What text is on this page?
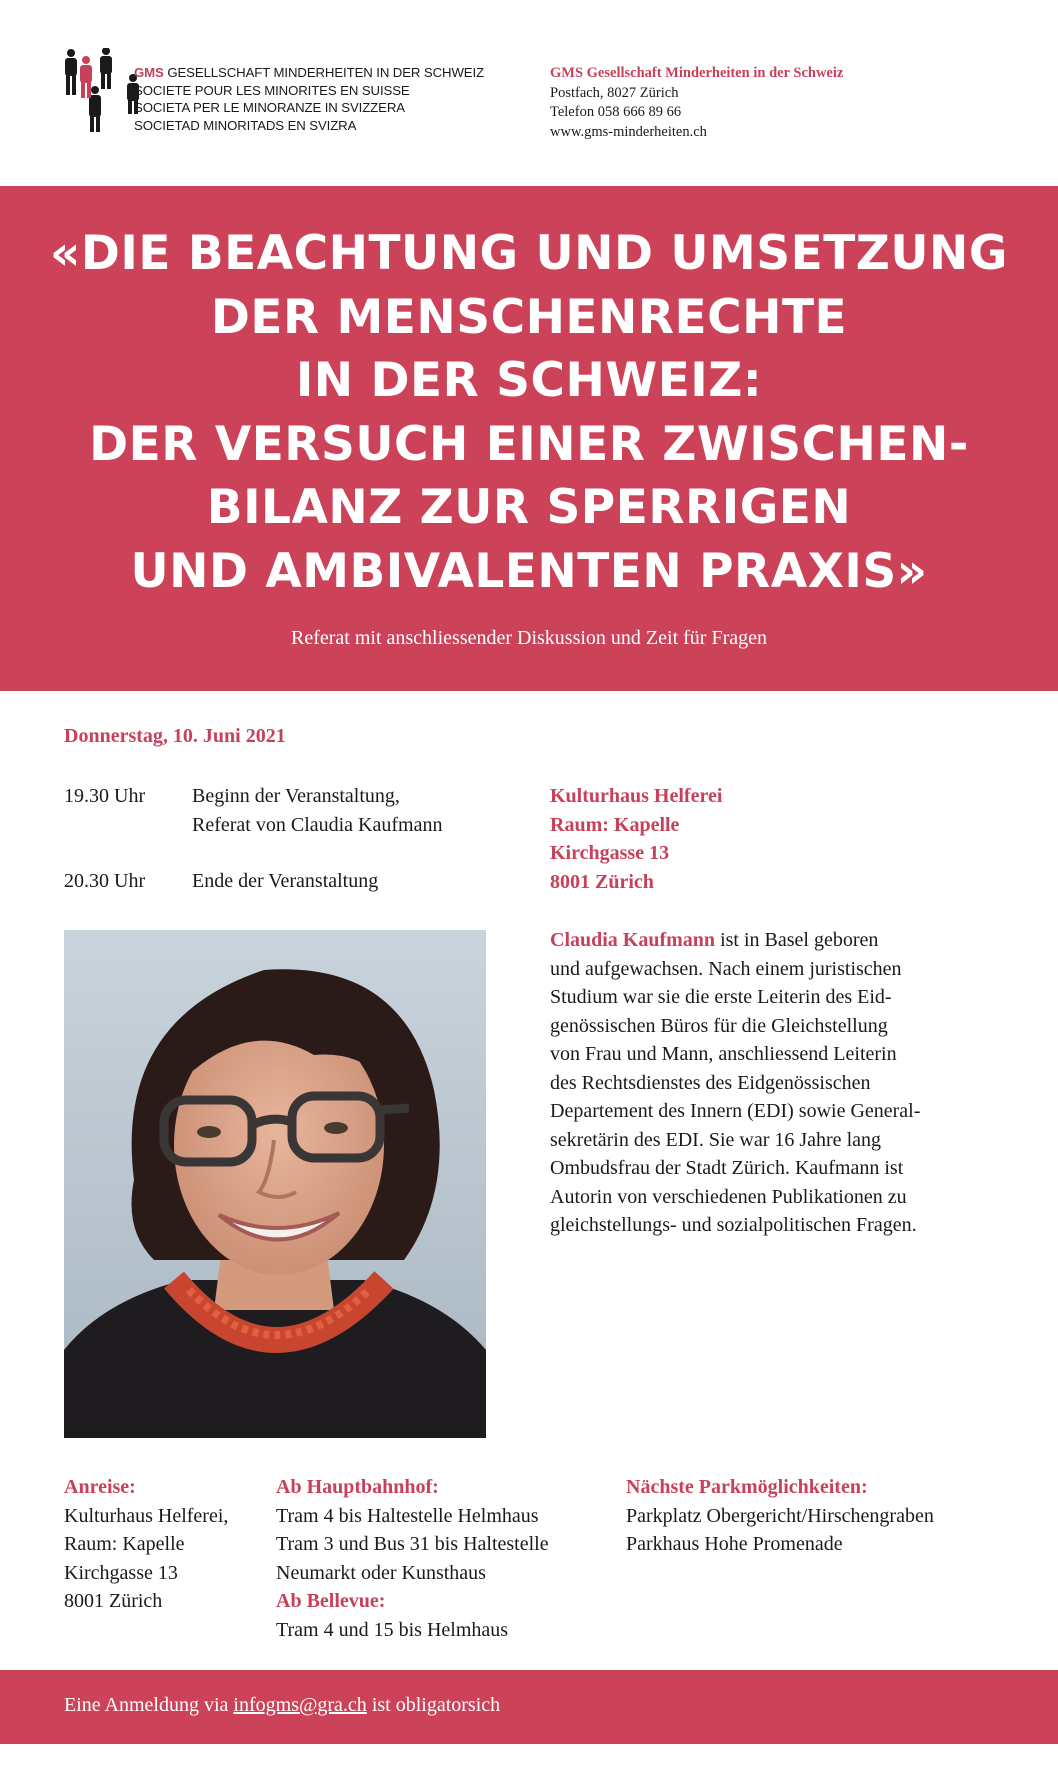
GMS GESELLSCHAFT MINDERHEITEN IN DER SCHWEIZ
SOCIETE POUR LES MINORITES EN SUISSE
SOCIETA PER LE MINORANZE IN SVIZZERA
SOCIETAD MINORITADS EN SVIZRA
GMS Gesellschaft Minderheiten in der Schweiz
Postfach, 8027 Zürich
Telefon 058 666 89 66
www.gms-minderheiten.ch
«DIE BEACHTUNG UND UMSETZUNG
DER MENSCHENRECHTE
IN DER SCHWEIZ:
DER VERSUCH EINER ZWISCHEN-
BILANZ ZUR SPERRIGEN
UND AMBIVALENTEN PRAXIS»
Referat mit anschliessender Diskussion und Zeit für Fragen
Donnerstag, 10. Juni 2021
19.30 Uhr Beginn der Veranstaltung,
Referat von Claudia Kaufmann
20.30 Uhr Ende der Veranstaltung
Kulturhaus Helferei
Raum: Kapelle
Kirchgasse 13
8001 Zürich
Claudia Kaufmann ist in Basel geboren
und aufgewachsen. Nach einem juristischen
Studium war sie die erste Leiterin des Eid-
genössischen Büros für die Gleichstellung
von Frau und Mann, anschliessend Leiterin
des Rechtsdienstes des Eidgenössischen
Departement des Innern (EDI) sowie General-
sekretärin des EDI. Sie war 16 Jahre lang
Ombudsfrau der Stadt Zürich. Kaufmann ist
Autorin von verschiedenen Publikationen zu
gleichstellungs- und sozialpolitischen Fragen.
Anreise:
Kulturhaus Helferei,
Raum: Kapelle
Kirchgasse 13
8001 Zürich
Ab Hauptbahnhof:
Tram 4 bis Haltestelle Helmhaus
Tram 3 und Bus 31 bis Haltestelle
Neumarkt oder Kunsthaus
Ab Bellevue:
Tram 4 und 15 bis Helmhaus
Nächste Parkmöglichkeiten:
Parkplatz Obergericht/Hirschengraben
Parkhaus Hohe Promenade
Eine Anmeldung via infogms@gra.ch ist obligatorsich
